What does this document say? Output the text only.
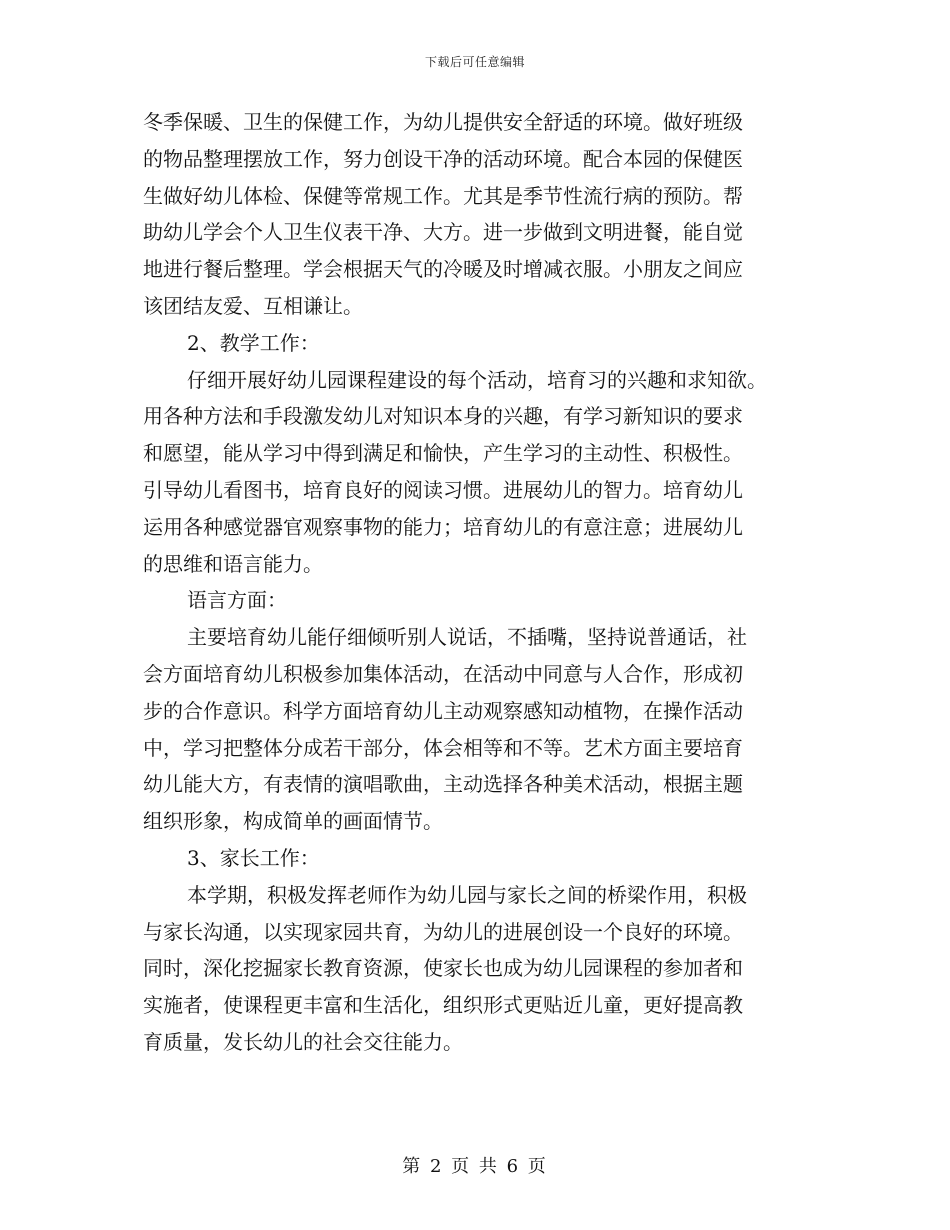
下载后可任意编辑
冬季保暖、卫生的保健工作，为幼儿提供安全舒适的环境。做好班级
的物品整理摆放工作，努力创设干净的活动环境。配合本园的保健医
生做好幼儿体检、保健等常规工作。尤其是季节性流行病的预防。帮
助幼儿学会个人卫生仪表干净、大方。进一步做到文明进餐，能自觉
地进行餐后整理。学会根据天气的冷暖及时增减衣服。小朋友之间应
该团结友爱、互相谦让。
2、教学工作：
仔细开展好幼儿园课程建设的每个活动，培育习的兴趣和求知欲。
用各种方法和手段激发幼儿对知识本身的兴趣，有学习新知识的要求
和愿望，能从学习中得到满足和愉快，产生学习的主动性、积极性。
引导幼儿看图书，培育良好的阅读习惯。进展幼儿的智力。培育幼儿
运用各种感觉器官观察事物的能力；培育幼儿的有意注意；进展幼儿
的思维和语言能力。
语言方面：
主要培育幼儿能仔细倾听别人说话，不插嘴，坚持说普通话，社
会方面培育幼儿积极参加集体活动，在活动中同意与人合作，形成初
步的合作意识。科学方面培育幼儿主动观察感知动植物，在操作活动
中，学习把整体分成若干部分，体会相等和不等。艺术方面主要培育
幼儿能大方，有表情的演唱歌曲，主动选择各种美术活动，根据主题
组织形象，构成简单的画面情节。
3、家长工作：
本学期，积极发挥老师作为幼儿园与家长之间的桥梁作用，积极
与家长沟通，以实现家园共育，为幼儿的进展创设一个良好的环境。
同时，深化挖掘家长教育资源，使家长也成为幼儿园课程的参加者和
实施者，使课程更丰富和生活化，组织形式更贴近儿童，更好提高教
育质量，发长幼儿的社会交往能力。
第 2 页 共 6 页
